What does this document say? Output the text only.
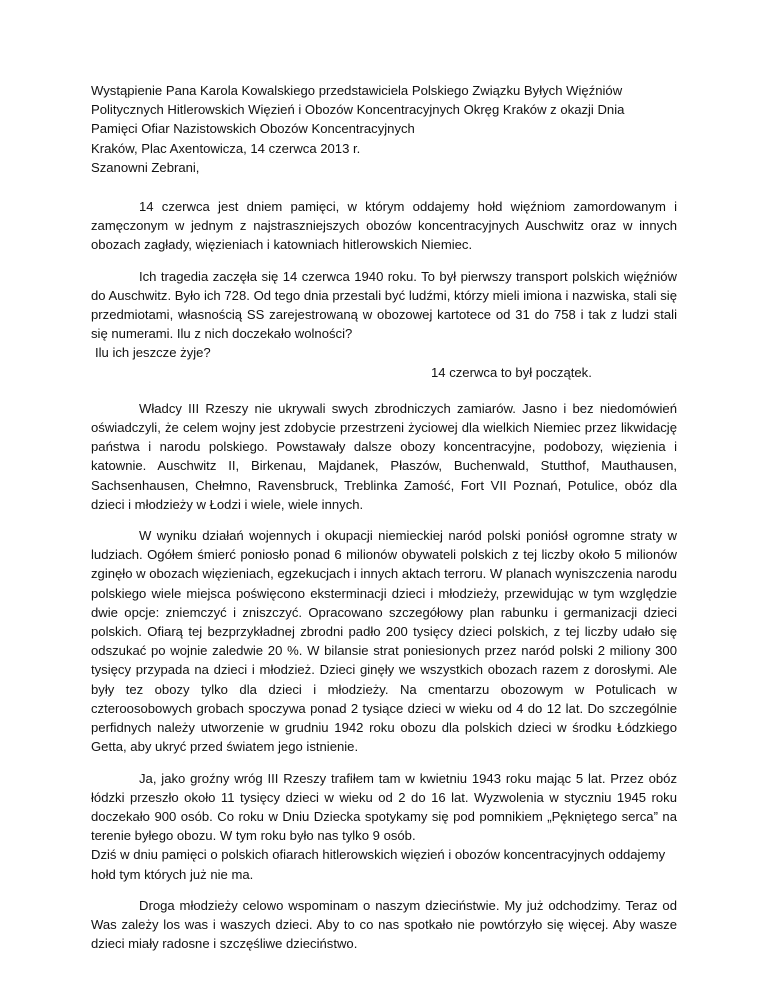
Wystąpienie Pana Karola Kowalskiego przedstawiciela Polskiego Związku Byłych Więźniów

Politycznych Hitlerowskich Więzień i Obozów Koncentracyjnych Okręg Kraków z okazji Dnia

Pamięci Ofiar Nazistowskich Obozów Koncentracyjnych

Kraków, Plac Axentowicza, 14 czerwca 2013 r.

Szanowni Zebrani,

14 czerwca jest dniem pamięci, w którym oddajemy hołd więźniom zamordowanym i zamęczonym w jednym z najstraszniejszych obozów koncentracyjnych Auschwitz oraz w innych obozach zagłady, więzieniach i katowniach hitlerowskich Niemiec.

Ich tragedia zaczęła się 14 czerwca 1940 roku. To był pierwszy transport polskich więźniów do Auschwitz. Było ich 728. Od tego dnia przestali być ludźmi, którzy mieli imiona i nazwiska, stali się przedmiotami, własnością SS zarejestrowaną w obozowej kartotece od 31 do 758 i tak z ludzi stali się numerami. Ilu z nich doczekało wolności?

Ilu ich jeszcze żyje?

14 czerwca to był początek.

Władcy III Rzeszy nie ukrywali swych zbrodniczych zamiarów. Jasno i bez niedomówień oświadczyli, że celem wojny jest zdobycie przestrzeni życiowej dla wielkich Niemiec przez likwidację państwa i narodu polskiego. Powstawały dalsze obozy koncentracyjne, podobozy, więzienia i katownie. Auschwitz II, Birkenau, Majdanek, Płaszów, Buchenwald, Stutthof, Mauthausen, Sachsenhausen, Chełmno, Ravensbruck, Treblinka Zamość, Fort VII Poznań, Potulice, obóz dla dzieci i młodzieży w Łodzi i wiele, wiele innych.

W wyniku działań wojennych i okupacji niemieckiej naród polski poniósł ogromne straty w ludziach. Ogółem śmierć poniosło ponad 6 milionów obywateli polskich z tej liczby około 5 milionów zginęło w obozach więzieniach, egzekucjach i innych aktach terroru. W planach wyniszczenia narodu polskiego wiele miejsca poświęcono eksterminacji dzieci i młodzieży, przewidując w tym względzie dwie opcje: zniemczyć i zniszczyć. Opracowano szczegółowy plan rabunku i germanizacji dzieci polskich. Ofiarą tej bezprzykładnej zbrodni padło 200 tysięcy dzieci polskich, z tej liczby udało się odszukać po wojnie zaledwie 20 %. W bilansie strat poniesionych przez naród polski 2 miliony 300 tysięcy przypada na dzieci i młodzież. Dzieci ginęły we wszystkich obozach razem z dorosłymi. Ale były tez obozy tylko dla dzieci i młodzieży. Na cmentarzu obozowym w Potulicach w czteroosobowych grobach spoczywa ponad 2 tysiące dzieci w wieku od 4 do 12 lat. Do szczególnie perfidnych należy utworzenie w grudniu 1942 roku obozu dla polskich dzieci w środku Łódzkiego Getta, aby ukryć przed światem jego istnienie.

Ja, jako groźny wróg III Rzeszy trafiłem tam w kwietniu 1943 roku mając 5 lat. Przez obóz łódzki przeszło około 11 tysięcy dzieci w wieku od 2 do 16 lat. Wyzwolenia w styczniu 1945 roku doczekało 900 osób. Co roku w Dniu Dziecka spotykamy się pod pomnikiem „Pękniętego serca” na terenie byłego obozu. W tym roku było nas tylko 9 osób.

Dziś w dniu pamięci o polskich ofiarach hitlerowskich więzień i obozów koncentracyjnych oddajemy hołd tym których już nie ma.

Droga młodzieży celowo wspominam o naszym dzieciństwie. My już odchodzimy. Teraz od Was zależy los was i waszych dzieci. Aby to co nas spotkało nie powtórzyło się więcej. Aby wasze dzieci miały radosne i szczęśliwe dzieciństwo.
